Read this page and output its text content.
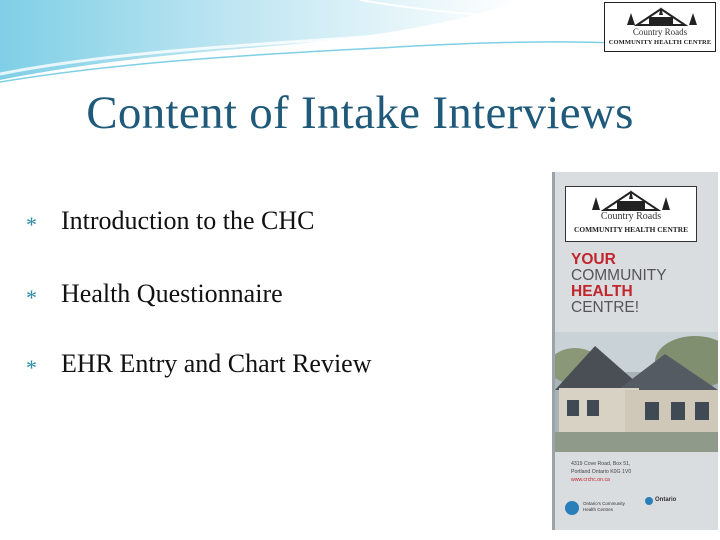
Country Roads
COMMUNITY HEALTH CENTRE
Content of Intake Interviews
* Introduction to the CHC
* Health Questionnaire
* EHR Entry and Chart Review
Country Roads
COMMUNITY HEALTH CENTRE
YOUR
COMMUNITY
HEALTH
CENTRE!
4319 Cove Road, Box 51,
Portland Ontario K0G 1V0
www.crchc.on.ca
Ontario's Community
Health Centres
Ontario
